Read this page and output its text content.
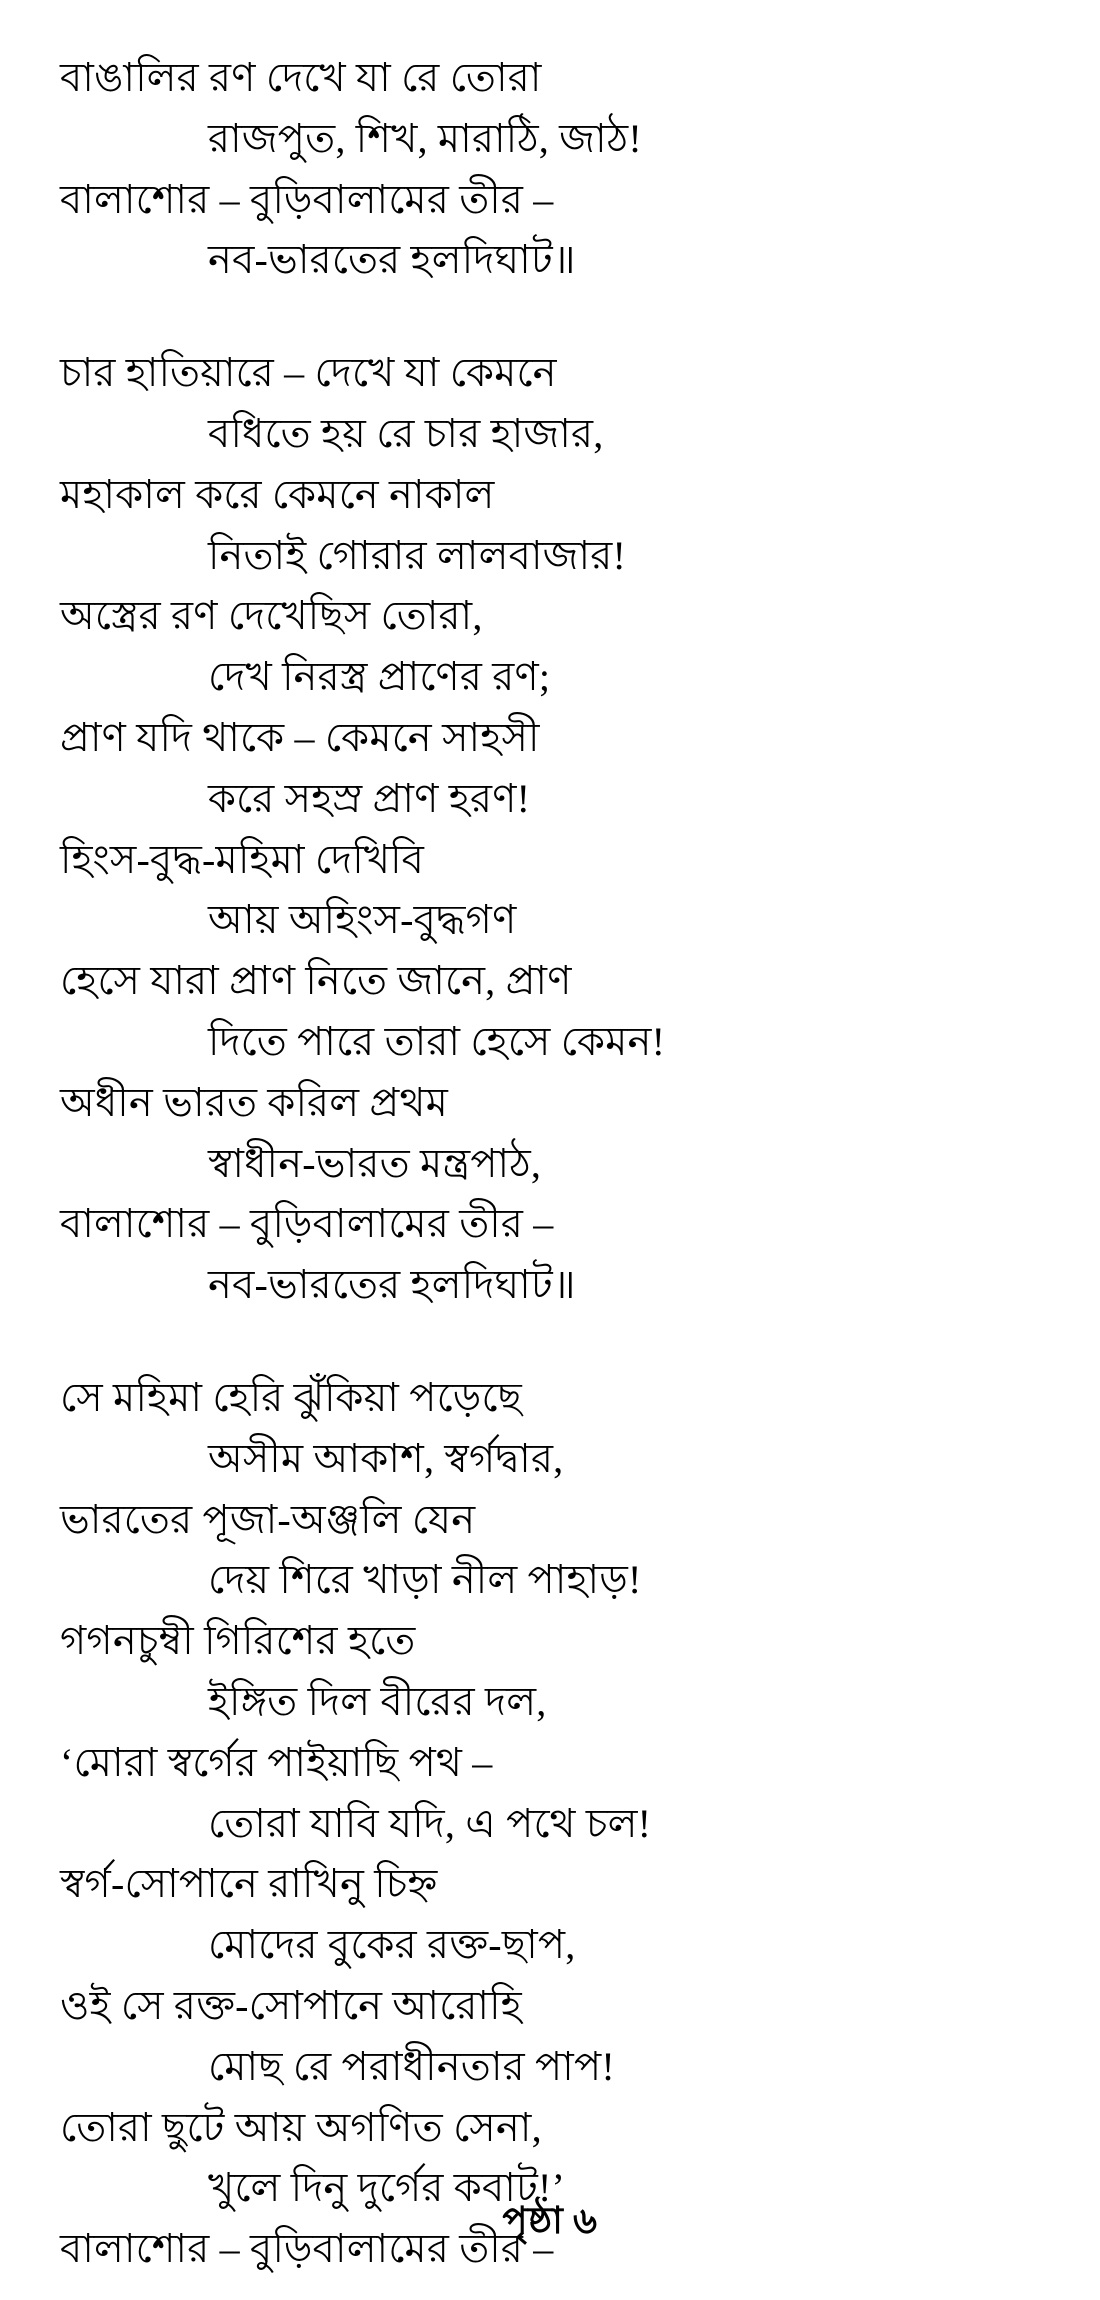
বাঙালির রণ দেখে যা রে তোরা
রাজপুত, শিখ, মারাঠি, জাঠ!
বালাশোর – বুড়িবালামের তীর –
নব-ভারতের হলদিঘাট॥
চার হাতিয়ারে – দেখে যা কেমনে
বধিতে হয় রে চার হাজার,
মহাকাল করে কেমনে নাকাল
নিতাই গোরার লালবাজার!
অস্ত্রের রণ দেখেছিস তোরা,
দেখ নিরস্ত্র প্রাণের রণ;
প্রাণ যদি থাকে – কেমনে সাহসী
করে সহস্র প্রাণ হরণ!
হিংস-বুদ্ধ-মহিমা দেখিবি
আয় অহিংস-বুদ্ধগণ
হেসে যারা প্রাণ নিতে জানে, প্রাণ
দিতে পারে তারা হেসে কেমন!
অধীন ভারত করিল প্রথম
স্বাধীন-ভারত মন্ত্রপাঠ,
বালাশোর – বুড়িবালামের তীর –
নব-ভারতের হলদিঘাট॥
সে মহিমা হেরি ঝুঁকিয়া পড়েছে
অসীম আকাশ, স্বর্গদ্বার,
ভারতের পূজা-অঞ্জলি যেন
দেয় শিরে খাড়া নীল পাহাড়!
গগনচুম্বী গিরিশের হতে
ইঙ্গিত দিল বীরের দল,
‘মোরা স্বর্গের পাইয়াছি পথ –
তোরা যাবি যদি, এ পথে চল!
স্বর্গ-সোপানে রাখিনু চিহ্ন
মোদের বুকের রক্ত-ছাপ,
ওই সে রক্ত-সোপানে আরোহি
মোছ রে পরাধীনতার পাপ!
তোরা ছুটে আয় অগণিত সেনা,
খুলে দিনু দুর্গের কবাট!’
বালাশোর – বুড়িবালামের তীর –
পৃষ্ঠা ৬
